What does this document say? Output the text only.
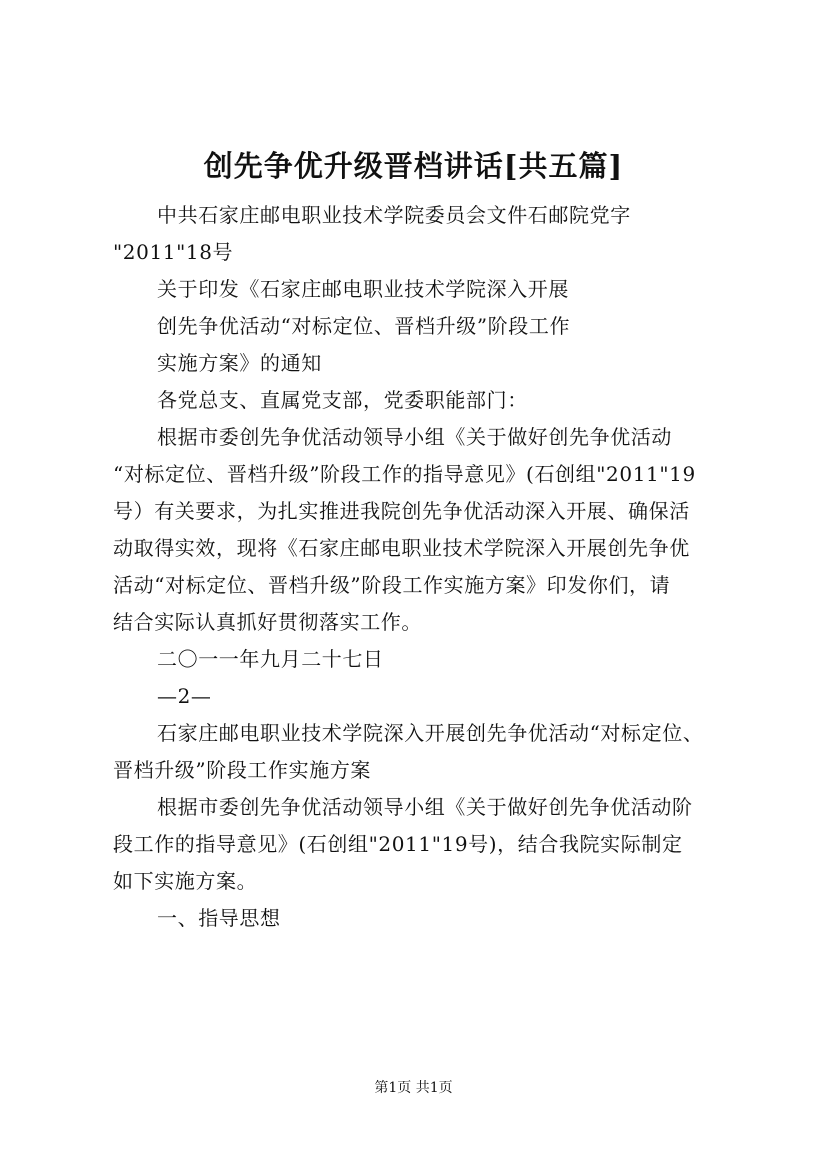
创先争优升级晋档讲话[共五篇]
中共石家庄邮电职业技术学院委员会文件石邮院党字
"2011"18号
关于印发《石家庄邮电职业技术学院深入开展
创先争优活动“对标定位、晋档升级”阶段工作
实施方案》的通知
各党总支、直属党支部，党委职能部门：
根据市委创先争优活动领导小组《关于做好创先争优活动
“对标定位、晋档升级”阶段工作的指导意见》(石创组"2011"19
号）有关要求，为扎实推进我院创先争优活动深入开展、确保活
动取得实效，现将《石家庄邮电职业技术学院深入开展创先争优
活动“对标定位、晋档升级”阶段工作实施方案》印发你们，请
结合实际认真抓好贯彻落实工作。
二〇一一年九月二十七日
—2—
石家庄邮电职业技术学院深入开展创先争优活动“对标定位、
晋档升级”阶段工作实施方案
根据市委创先争优活动领导小组《关于做好创先争优活动阶
段工作的指导意见》(石创组"2011"19号)，结合我院实际制定
如下实施方案。
一、指导思想
第1页 共1页
